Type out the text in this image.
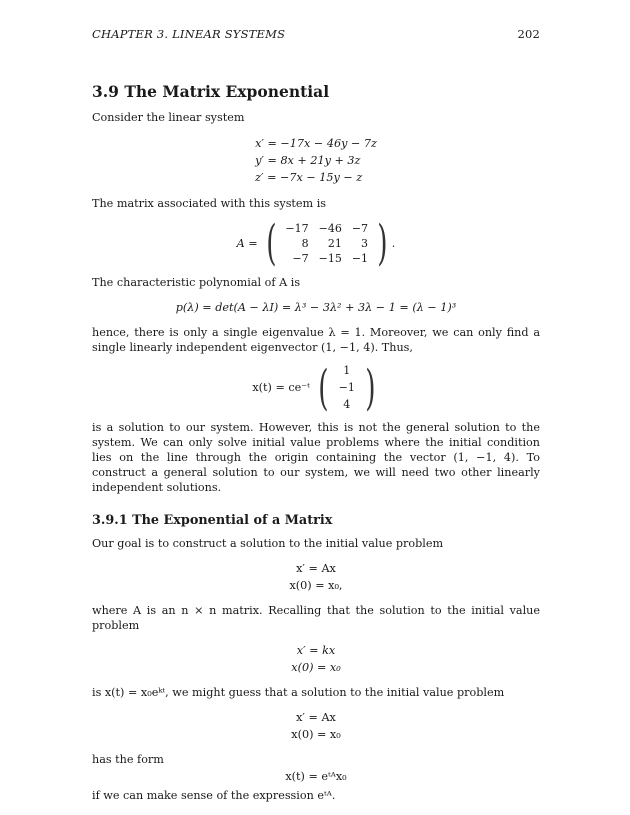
CHAPTER 3. LINEAR SYSTEMS	202
3.9 The Matrix Exponential

Consider the linear system

x′ = −17x − 46y − 7z
y′ = 8x + 21y + 3z
z′ = −7x − 15y − z

The matrix associated with this system is

A = ( −17	−46	−7
8	21	3
−7	−15	−1 ) .

The characteristic polynomial of A is

p(λ) = det(A − λI) = λ³ − 3λ² + 3λ − 1 = (λ − 1)³

hence, there is only a single eigenvalue λ = 1. Moreover, we can only find a single linearly independent eigenvector (1, −1, 4). Thus,

x(t) = ce⁻ᵗ ( 1
−1
4 )

is a solution to our system. However, this is not the general solution to the system. We can only solve initial value problems where the initial condition lies on the line through the origin containing the vector (1, −1, 4). To construct a general solution to our system, we will need two other linearly independent solutions.

3.9.1 The Exponential of a Matrix

Our goal is to construct a solution to the initial value problem

x′ = Ax
x(0) = x₀,

where A is an n × n matrix. Recalling that the solution to the initial value problem

x′ = kx
x(0) = x₀

is x(t) = x₀eᵏᵗ, we might guess that a solution to the initial value problem

x′ = Ax
x(0) = x₀

has the form

x(t) = eᵗᴬx₀

if we can make sense of the expression eᵗᴬ.
